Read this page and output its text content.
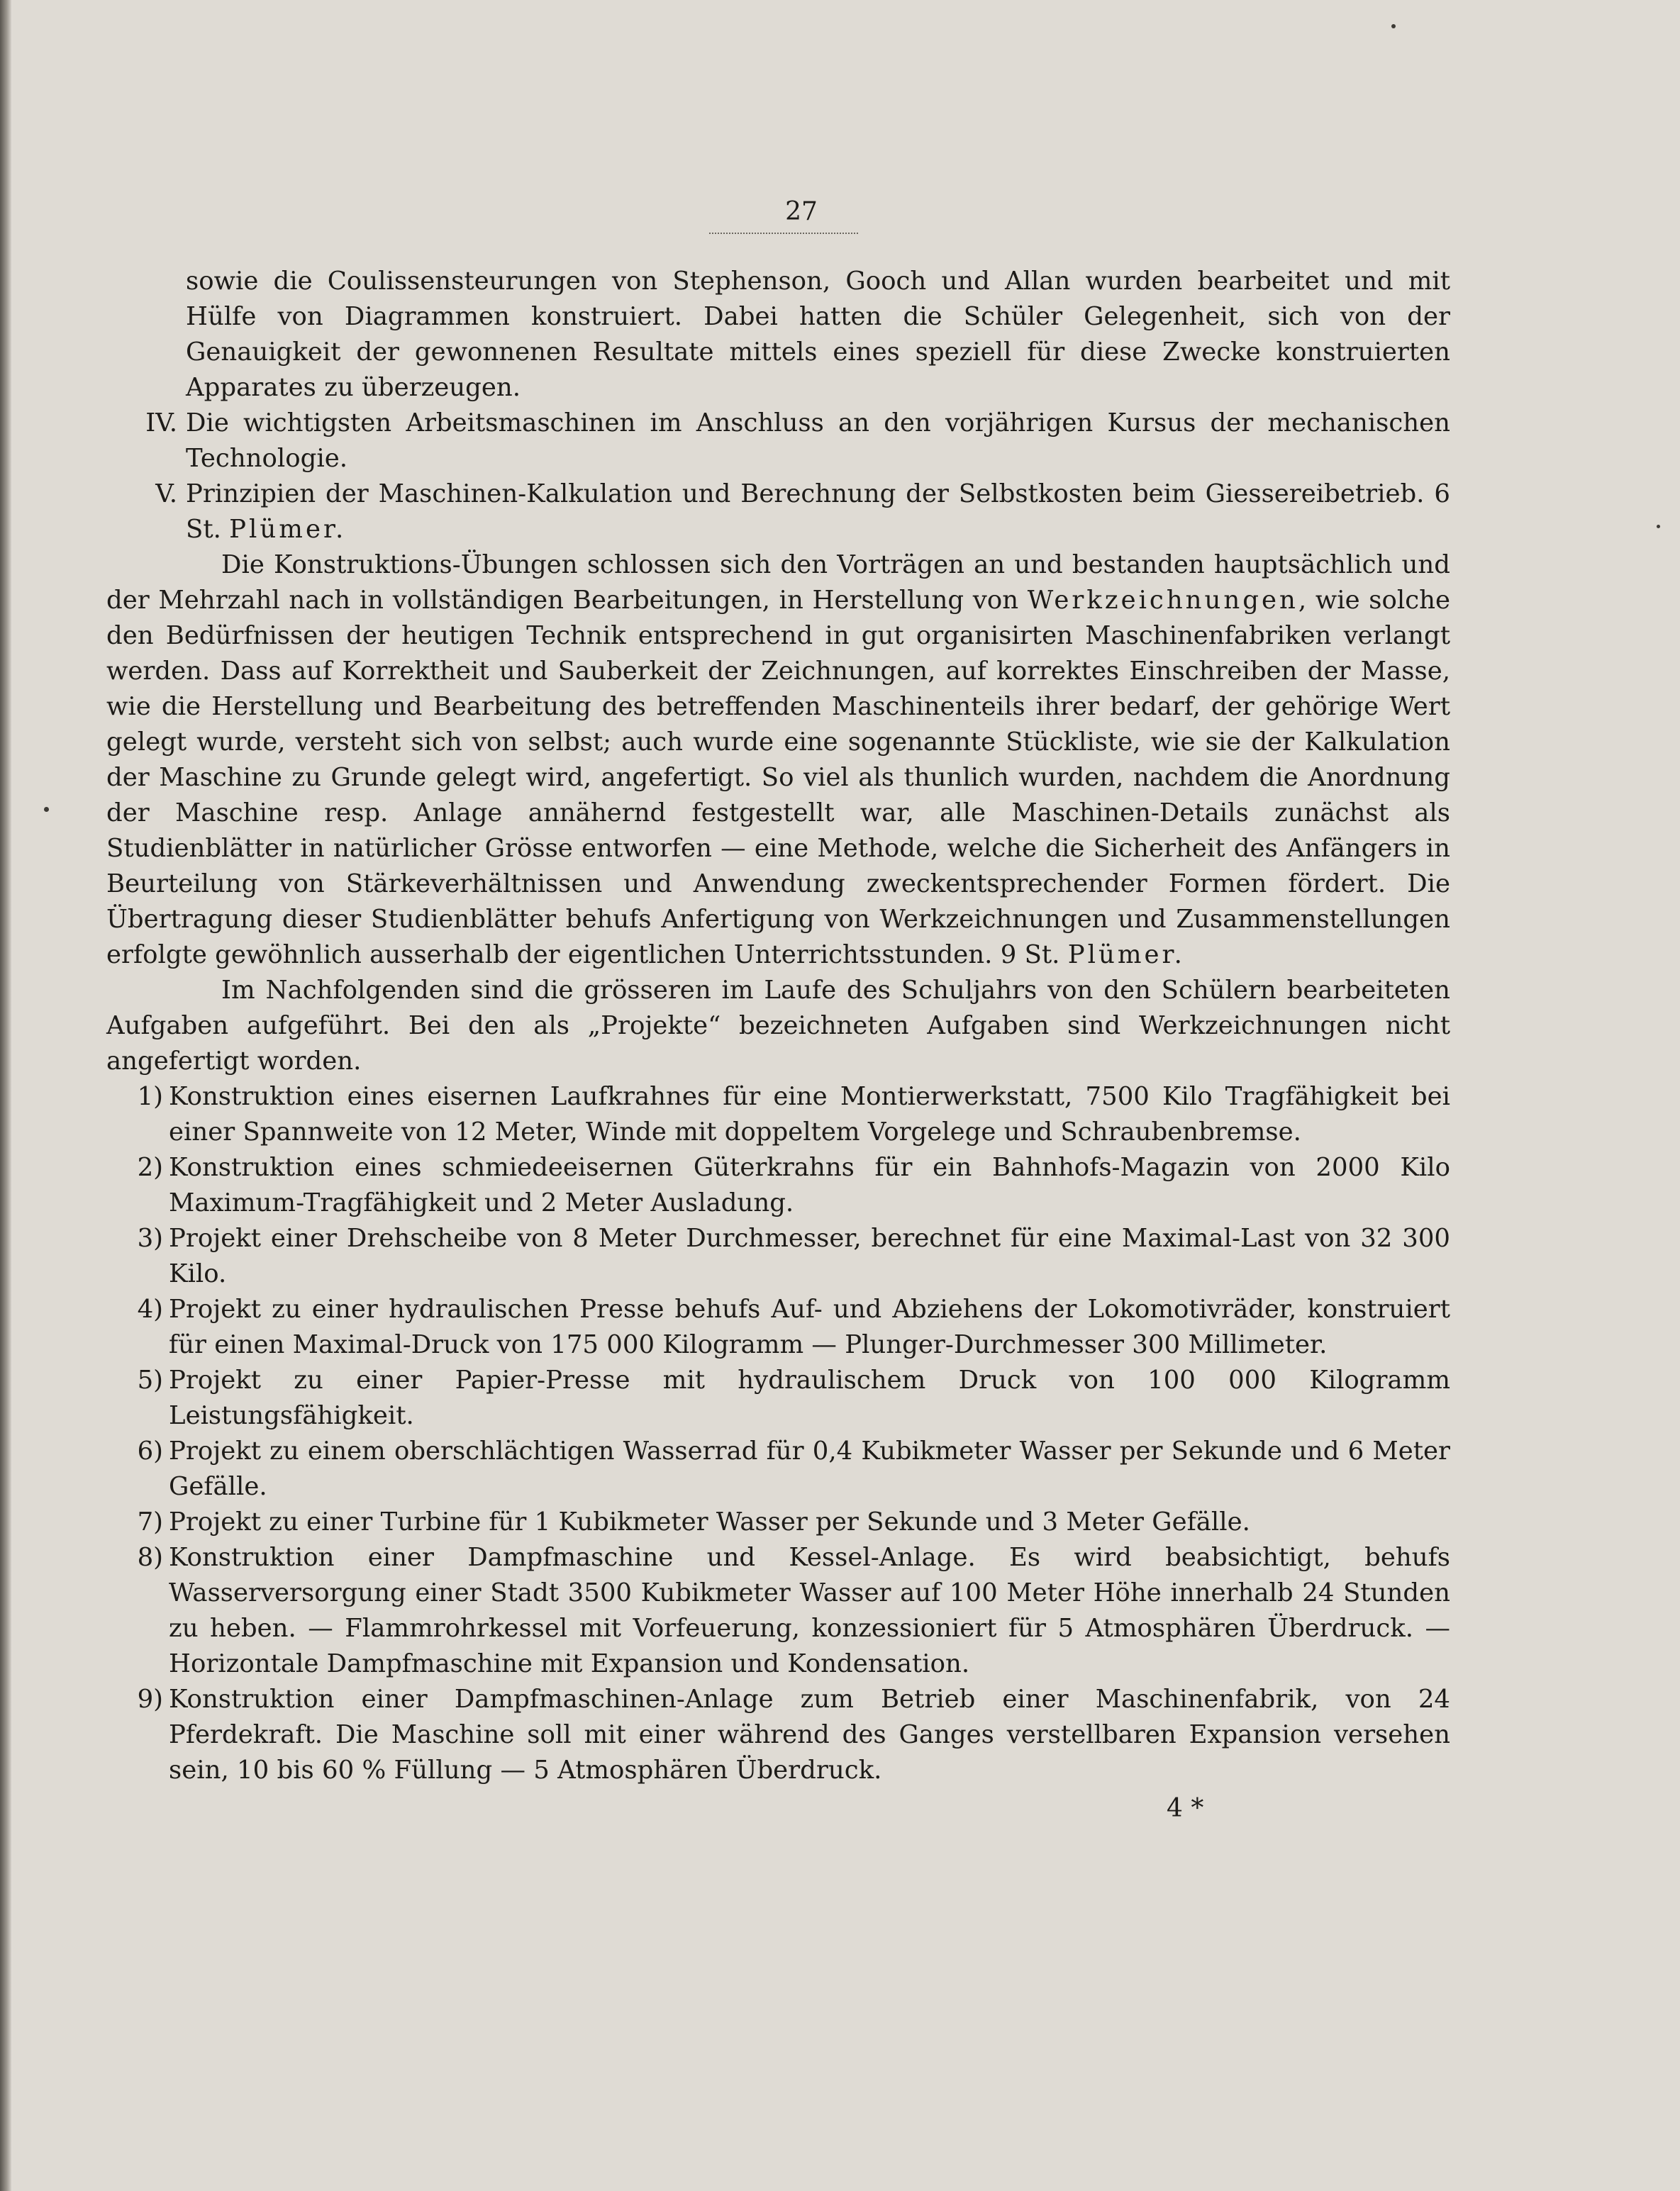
27

sowie die Coulissensteurungen von Stephenson, Gooch und Allan wurden bearbeitet und mit Hülfe von Diagrammen konstruiert. Dabei hatten die Schüler Gelegenheit, sich von der Genauigkeit der gewonnenen Resultate mittels eines speziell für diese Zwecke konstruierten Apparates zu überzeugen.

IV. Die wichtigsten Arbeitsmaschinen im Anschluss an den vorjährigen Kursus der mechanischen Technologie.

V. Prinzipien der Maschinen-Kalkulation und Berechnung der Selbstkosten beim Giessereibetrieb. 6 St. Plümer.

Die Konstruktions-Übungen schlossen sich den Vorträgen an und bestanden hauptsächlich und der Mehrzahl nach in vollständigen Bearbeitungen, in Herstellung von Werkzeichnungen, wie solche den Bedürfnissen der heutigen Technik entsprechend in gut organisirten Maschinenfabriken verlangt werden. Dass auf Korrektheit und Sauberkeit der Zeichnungen, auf korrektes Einschreiben der Masse, wie die Herstellung und Bearbeitung des betreffenden Maschinenteils ihrer bedarf, der gehörige Wert gelegt wurde, versteht sich von selbst; auch wurde eine sogenannte Stückliste, wie sie der Kalkulation der Maschine zu Grunde gelegt wird, angefertigt. So viel als thunlich wurden, nachdem die Anordnung der Maschine resp. Anlage annähernd festgestellt war, alle Maschinen-Details zunächst als Studienblätter in natürlicher Grösse entworfen — eine Methode, welche die Sicherheit des Anfängers in Beurteilung von Stärkeverhältnissen und Anwendung zweckentsprechender Formen fördert. Die Übertragung dieser Studienblätter behufs Anfertigung von Werkzeichnungen und Zusammenstellungen erfolgte gewöhnlich ausserhalb der eigentlichen Unterrichtsstunden. 9 St. Plümer.

Im Nachfolgenden sind die grösseren im Laufe des Schuljahrs von den Schülern bearbeiteten Aufgaben aufgeführt. Bei den als „Projekte“ bezeichneten Aufgaben sind Werkzeichnungen nicht angefertigt worden.

1) Konstruktion eines eisernen Laufkrahnes für eine Montierwerkstatt, 7500 Kilo Tragfähigkeit bei einer Spannweite von 12 Meter, Winde mit doppeltem Vorgelege und Schraubenbremse.

2) Konstruktion eines schmiedeeisernen Güterkrahns für ein Bahnhofs-Magazin von 2000 Kilo Maximum-Tragfähigkeit und 2 Meter Ausladung.

3) Projekt einer Drehscheibe von 8 Meter Durchmesser, berechnet für eine Maximal-Last von 32 300 Kilo.

4) Projekt zu einer hydraulischen Presse behufs Auf- und Abziehens der Lokomotivräder, konstruiert für einen Maximal-Druck von 175 000 Kilogramm — Plunger-Durchmesser 300 Millimeter.

5) Projekt zu einer Papier-Presse mit hydraulischem Druck von 100 000 Kilogramm Leistungsfähigkeit.

6) Projekt zu einem oberschlächtigen Wasserrad für 0,4 Kubikmeter Wasser per Sekunde und 6 Meter Gefälle.

7) Projekt zu einer Turbine für 1 Kubikmeter Wasser per Sekunde und 3 Meter Gefälle.

8) Konstruktion einer Dampfmaschine und Kessel-Anlage. Es wird beabsichtigt, behufs Wasserversorgung einer Stadt 3500 Kubikmeter Wasser auf 100 Meter Höhe innerhalb 24 Stunden zu heben. — Flammrohrkessel mit Vorfeuerung, konzessioniert für 5 Atmosphären Überdruck. — Horizontale Dampfmaschine mit Expansion und Kondensation.

9) Konstruktion einer Dampfmaschinen-Anlage zum Betrieb einer Maschinenfabrik, von 24 Pferdekraft. Die Maschine soll mit einer während des Ganges verstellbaren Expansion versehen sein, 10 bis 60 % Füllung — 5 Atmosphären Überdruck.

4 *
